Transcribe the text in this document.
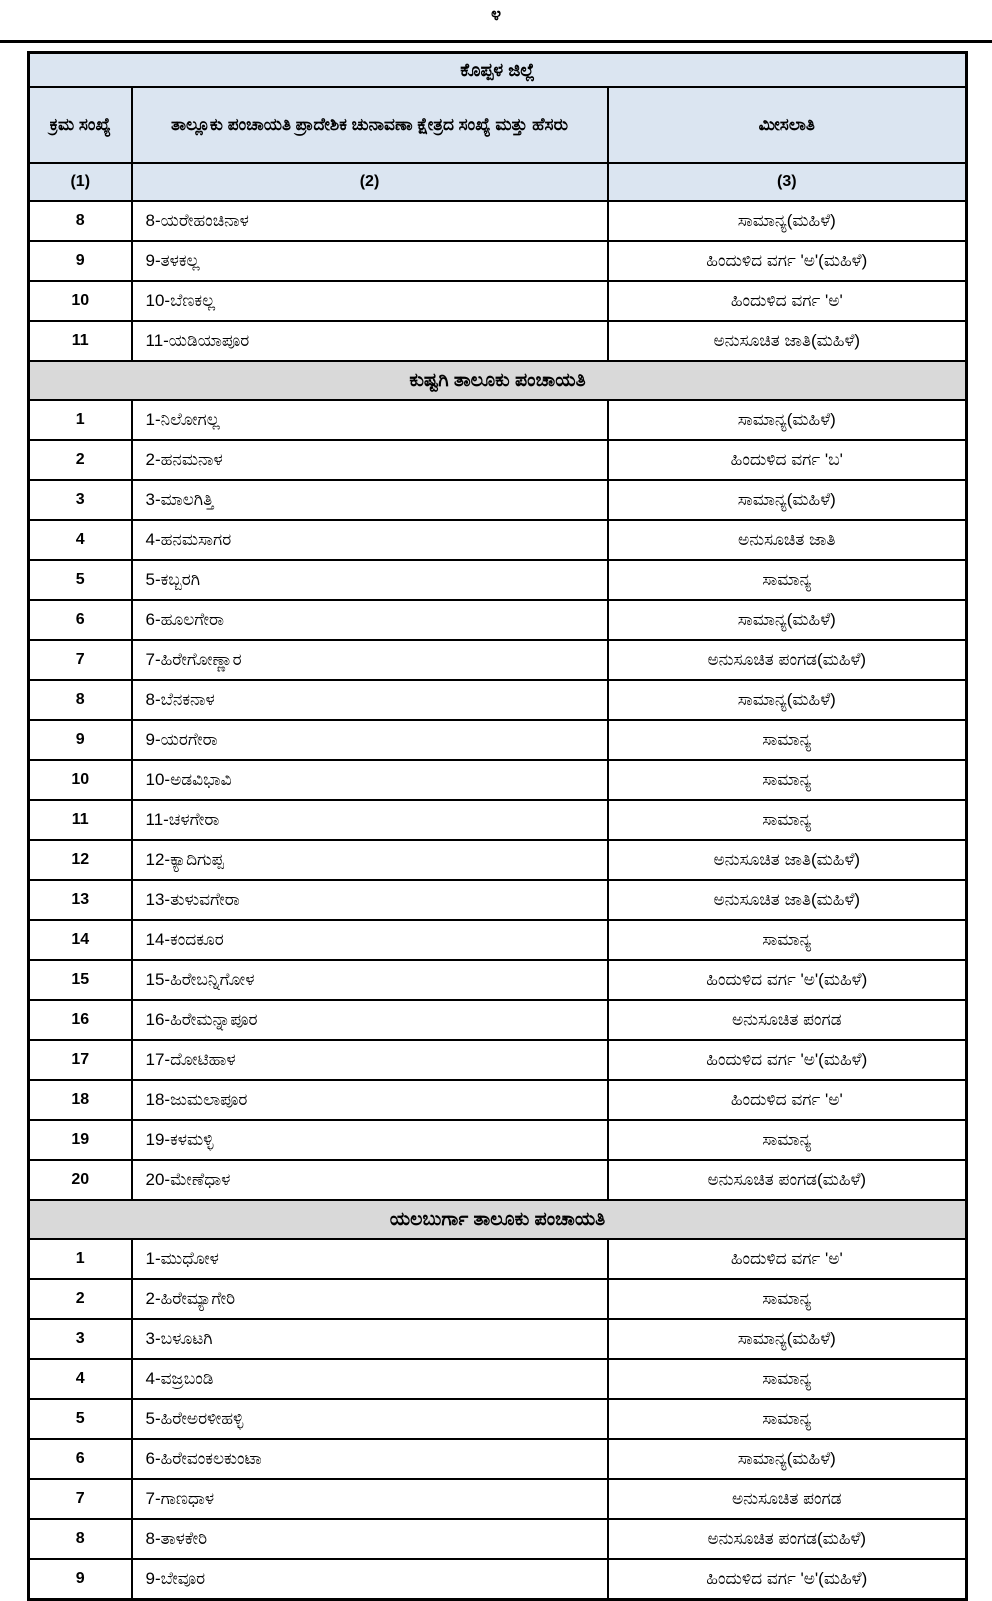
೪
ಕೊಪ್ಪಳ ಜಿಲ್ಲೆ		
ಕ್ರಮ ಸಂಖ್ಯೆ	ತಾಲ್ಲೂಕು ಪಂಚಾಯತಿ ಪ್ರಾದೇಶಿಕ ಚುನಾವಣಾ ಕ್ಷೇತ್ರದ ಸಂಖ್ಯೆ ಮತ್ತು ಹೆಸರು	ಮೀಸಲಾತಿ
(1)	(2)	(3)
8	8-ಯರೇಹಂಚಿನಾಳ	ಸಾಮಾನ್ಯ(ಮಹಿಳೆ)
9	9-ತಳಕಲ್ಲ	ಹಿಂದುಳಿದ ವರ್ಗ 'ಅ'(ಮಹಿಳೆ)
10	10-ಬೆಣಕಲ್ಲ	ಹಿಂದುಳಿದ ವರ್ಗ 'ಅ'
11	11-ಯಡಿಯಾಪೂರ	ಅನುಸೂಚಿತ ಜಾತಿ(ಮಹಿಳೆ)
ಕುಷ್ಟಗಿ ತಾಲೂಕು ಪಂಚಾಯತಿ		
1	1-ನಿಲೋಗಲ್ಲ	ಸಾಮಾನ್ಯ(ಮಹಿಳೆ)
2	2-ಹನಮನಾಳ	ಹಿಂದುಳಿದ ವರ್ಗ 'ಬ'
3	3-ಮಾಲಗಿತ್ತಿ	ಸಾಮಾನ್ಯ(ಮಹಿಳೆ)
4	4-ಹನಮಸಾಗರ	ಅನುಸೂಚಿತ ಜಾತಿ
5	5-ಕಬ್ಬರಗಿ	ಸಾಮಾನ್ಯ
6	6-ಹೂಲಗೇರಾ	ಸಾಮಾನ್ಯ(ಮಹಿಳೆ)
7	7-ಹಿರೇಗೋಣ್ಣಾರ	ಅನುಸೂಚಿತ ಪಂಗಡ(ಮಹಿಳೆ)
8	8-ಬೆನಕನಾಳ	ಸಾಮಾನ್ಯ(ಮಹಿಳೆ)
9	9-ಯರಗೇರಾ	ಸಾಮಾನ್ಯ
10	10-ಅಡವಿಭಾವಿ	ಸಾಮಾನ್ಯ
11	11-ಚಳಗೇರಾ	ಸಾಮಾನ್ಯ
12	12-ಕ್ಯಾದಿಗುಪ್ಪ	ಅನುಸೂಚಿತ ಜಾತಿ(ಮಹಿಳೆ)
13	13-ತುಳುವಗೇರಾ	ಅನುಸೂಚಿತ ಜಾತಿ(ಮಹಿಳೆ)
14	14-ಕಂದಕೂರ	ಸಾಮಾನ್ಯ
15	15-ಹಿರೇಬನ್ನಿಗೋಳ	ಹಿಂದುಳಿದ ವರ್ಗ 'ಅ'(ಮಹಿಳೆ)
16	16-ಹಿರೇಮನ್ನಾಪೂರ	ಅನುಸೂಚಿತ ಪಂಗಡ
17	17-ದೋಟಿಹಾಳ	ಹಿಂದುಳಿದ ವರ್ಗ 'ಅ'(ಮಹಿಳೆ)
18	18-ಜುಮಲಾಪೂರ	ಹಿಂದುಳಿದ ವರ್ಗ 'ಅ'
19	19-ಕಳಮಳ್ಳಿ	ಸಾಮಾನ್ಯ
20	20-ಮೇಣೆಧಾಳ	ಅನುಸೂಚಿತ ಪಂಗಡ(ಮಹಿಳೆ)
ಯಲಬುರ್ಗಾ ತಾಲೂಕು ಪಂಚಾಯತಿ		
1	1-ಮುಧೋಳ	ಹಿಂದುಳಿದ ವರ್ಗ 'ಅ'
2	2-ಹಿರೇಮ್ಯಾಗೇರಿ	ಸಾಮಾನ್ಯ
3	3-ಬಳೂಟಗಿ	ಸಾಮಾನ್ಯ(ಮಹಿಳೆ)
4	4-ವಜ್ರಬಂಡಿ	ಸಾಮಾನ್ಯ
5	5-ಹಿರೇಅರಳೀಹಳ್ಳಿ	ಸಾಮಾನ್ಯ
6	6-ಹಿರೇವಂಕಲಕುಂಟಾ	ಸಾಮಾನ್ಯ(ಮಹಿಳೆ)
7	7-ಗಾಣಧಾಳ	ಅನುಸೂಚಿತ ಪಂಗಡ
8	8-ತಾಳಕೇರಿ	ಅನುಸೂಚಿತ ಪಂಗಡ(ಮಹಿಳೆ)
9	9-ಬೇವೂರ	ಹಿಂದುಳಿದ ವರ್ಗ 'ಅ'(ಮಹಿಳೆ)
